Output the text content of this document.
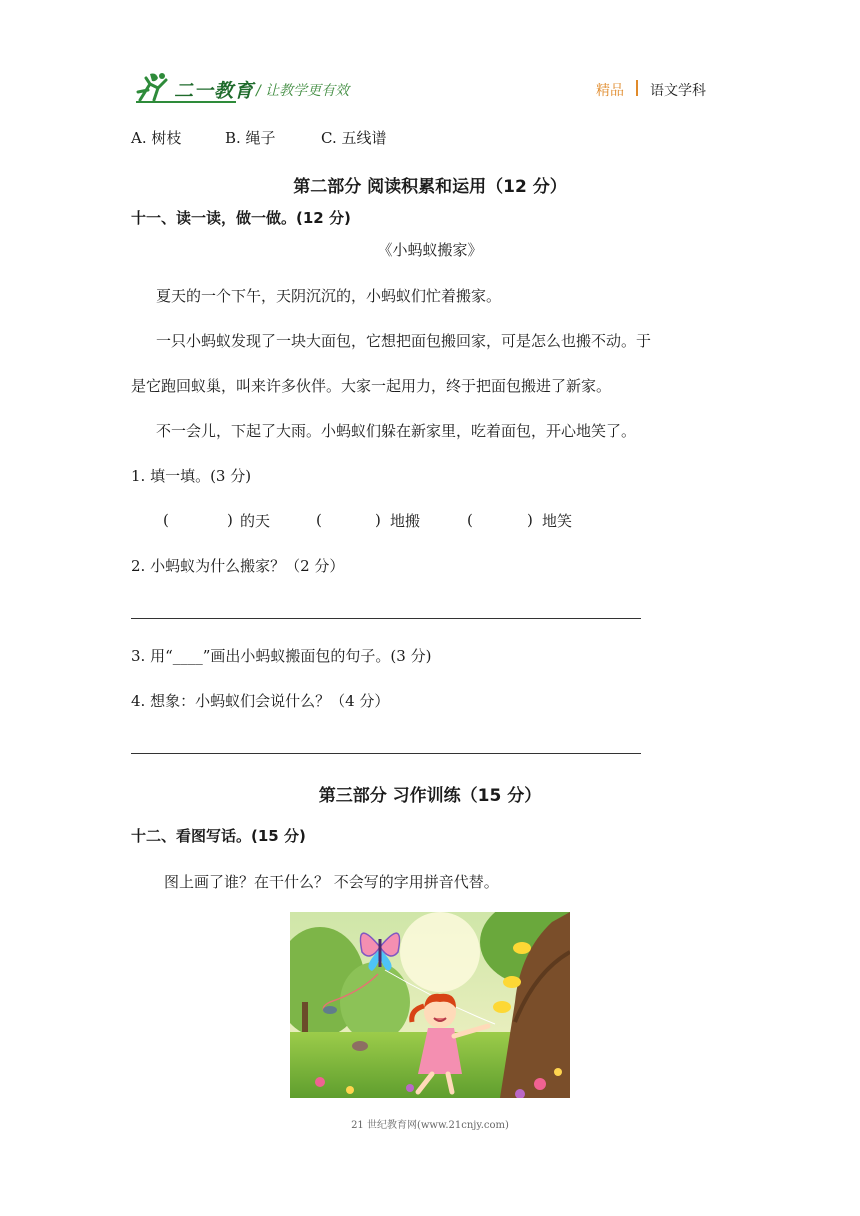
二一教育 / 让教学更有效	精品 语文学科
A. 树枝	B. 绳子	C. 五线谱
第二部分 阅读积累和运用（12 分）
十一、读一读，做一做。(12 分)
《小蚂蚁搬家》
夏天的一个下午，天阴沉沉的，小蚂蚁们忙着搬家。
一只小蚂蚁发现了一块大面包，它想把面包搬回家，可是怎么也搬不动。于
是它跑回蚁巢，叫来许多伙伴。大家一起用力，终于把面包搬进了新家。
不一会儿，下起了大雨。小蚂蚁们躲在新家里，吃着面包，开心地笑了。
1. 填一填。(3 分)
(	) 的天	(	) 地搬	(	) 地笑
2. 小蚂蚁为什么搬家？（2 分）
3. 用“____”画出小蚂蚁搬面包的句子。(3 分)
4. 想象：小蚂蚁们会说什么？（4 分）
第三部分 习作训练（15 分）
十二、看图写话。(15 分)
图上画了谁？在干什么？ 不会写的字用拼音代替。
21 世纪教育网(www.21cnjy.com)
